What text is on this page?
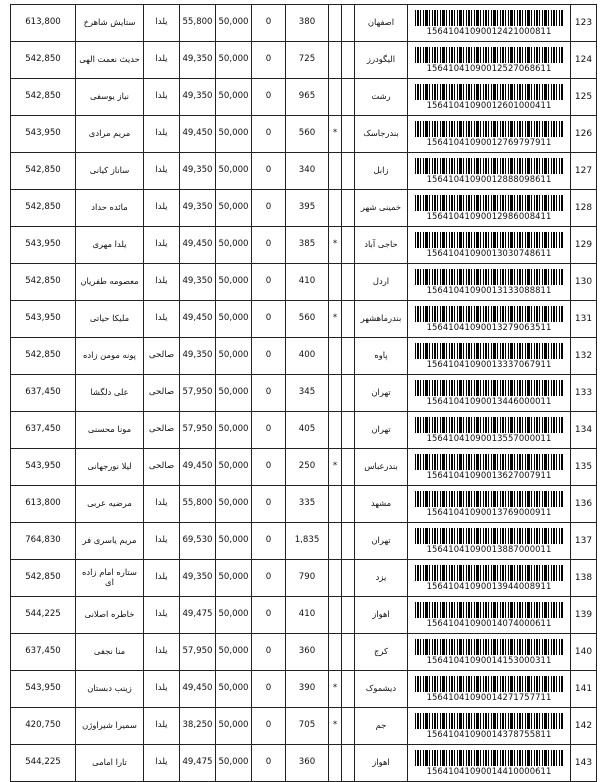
613,800	ستایش شاهرخ	یلدا	55,800	50,000	0	380			اصفهان	15641041090012421000811	123
542,850	حدیث نعمت الهی	یلدا	49,350	50,000	0	725			الیگودرز	15641041090012527068611	124
542,850	نیاز یوسفی	یلدا	49,350	50,000	0	965			رشت	15641041090012601000411	125
543,950	مریم مرادی	یلدا	49,450	50,000	0	560	*		بندرجاسک	15641041090012769797911	126
542,850	ساناز کیانی	یلدا	49,350	50,000	0	340			زابل	15641041090012888098611	127
542,850	مائده حداد	یلدا	49,350	50,000	0	395			خمینی شهر	15641041090012986008411	128
543,950	یلدا مهری	یلدا	49,450	50,000	0	385	*		حاجی آباد	15641041090013030748611	129
542,850	معصومه طفریان	یلدا	49,350	50,000	0	410			اردل	15641041090013133088811	130
543,950	ملیکا حیاتی	یلدا	49,450	50,000	0	560	*		بندرماهشهر	15641041090013279063511	131
542,850	پونه مومن زاده	صالحی	49,350	50,000	0	400			پاوه	15641041090013337067911	132
637,450	علی دلگشا	صالحی	57,950	50,000	0	345			تهران	15641041090013446000011	133
637,450	مونا محسنی	صالحی	57,950	50,000	0	405			تهران	15641041090013557000011	134
543,950	لیلا نورجهانی	صالحی	49,450	50,000	0	250	*		بندرعباس	15641041090013627007911	135
613,800	مرضیه عربی	یلدا	55,800	50,000	0	335			مشهد	15641041090013769000911	136
764,830	مریم یاسری فر	یلدا	69,530	50,000	0	1,835			تهران	15641041090013887000011	137
542,850	ستاره امام زاده ای	یلدا	49,350	50,000	0	790			یزد	15641041090013944008911	138
544,225	خاطره اصلانی	یلدا	49,475	50,000	0	410			اهواز	15641041090014074000611	139
637,450	منا نجفی	یلدا	57,950	50,000	0	360			کرج	15641041090014153000311	140
543,950	زینب دبستان	یلدا	49,450	50,000	0	390	*		دیشموک	15641041090014271757711	141
420,750	سمیرا شیراوژن	یلدا	38,250	50,000	0	705	*		جم	15641041090014378755811	142
544,225	تارا امامی	یلدا	49,475	50,000	0	360			اهواز	15641041090014410000611	143
